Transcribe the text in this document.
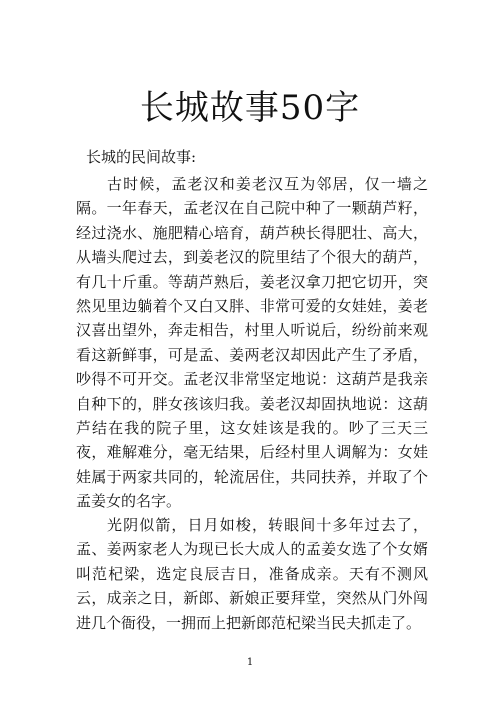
长城故事50字
长城的民间故事:

古时候，孟老汉和姜老汉互为邻居，仅一墙之隔。一年春天，孟老汉在自己院中种了一颗葫芦籽，经过浇水、施肥精心培育，葫芦秧长得肥壮、高大，从墙头爬过去，到姜老汉的院里结了个很大的葫芦，有几十斤重。等葫芦熟后，姜老汉拿刀把它切开，突然见里边躺着个又白又胖、非常可爱的女娃娃，姜老汉喜出望外，奔走相告，村里人听说后，纷纷前来观看这新鲜事，可是孟、姜两老汉却因此产生了矛盾，吵得不可开交。孟老汉非常坚定地说：这葫芦是我亲自种下的，胖女孩该归我。姜老汉却固执地说：这葫芦结在我的院子里，这女娃该是我的。吵了三天三夜，难解难分，毫无结果，后经村里人调解为：女娃娃属于两家共同的，轮流居住，共同扶养，并取了个孟姜女的名字。

光阴似箭，日月如梭，转眼间十多年过去了，孟、姜两家老人为现已长大成人的孟姜女选了个女婿叫范杞梁，选定良辰吉日，准备成亲。天有不测风云，成亲之日，新郎、新娘正要拜堂，突然从门外闯进几个衙役，一拥而上把新郎范杞梁当民夫抓走了。

1
